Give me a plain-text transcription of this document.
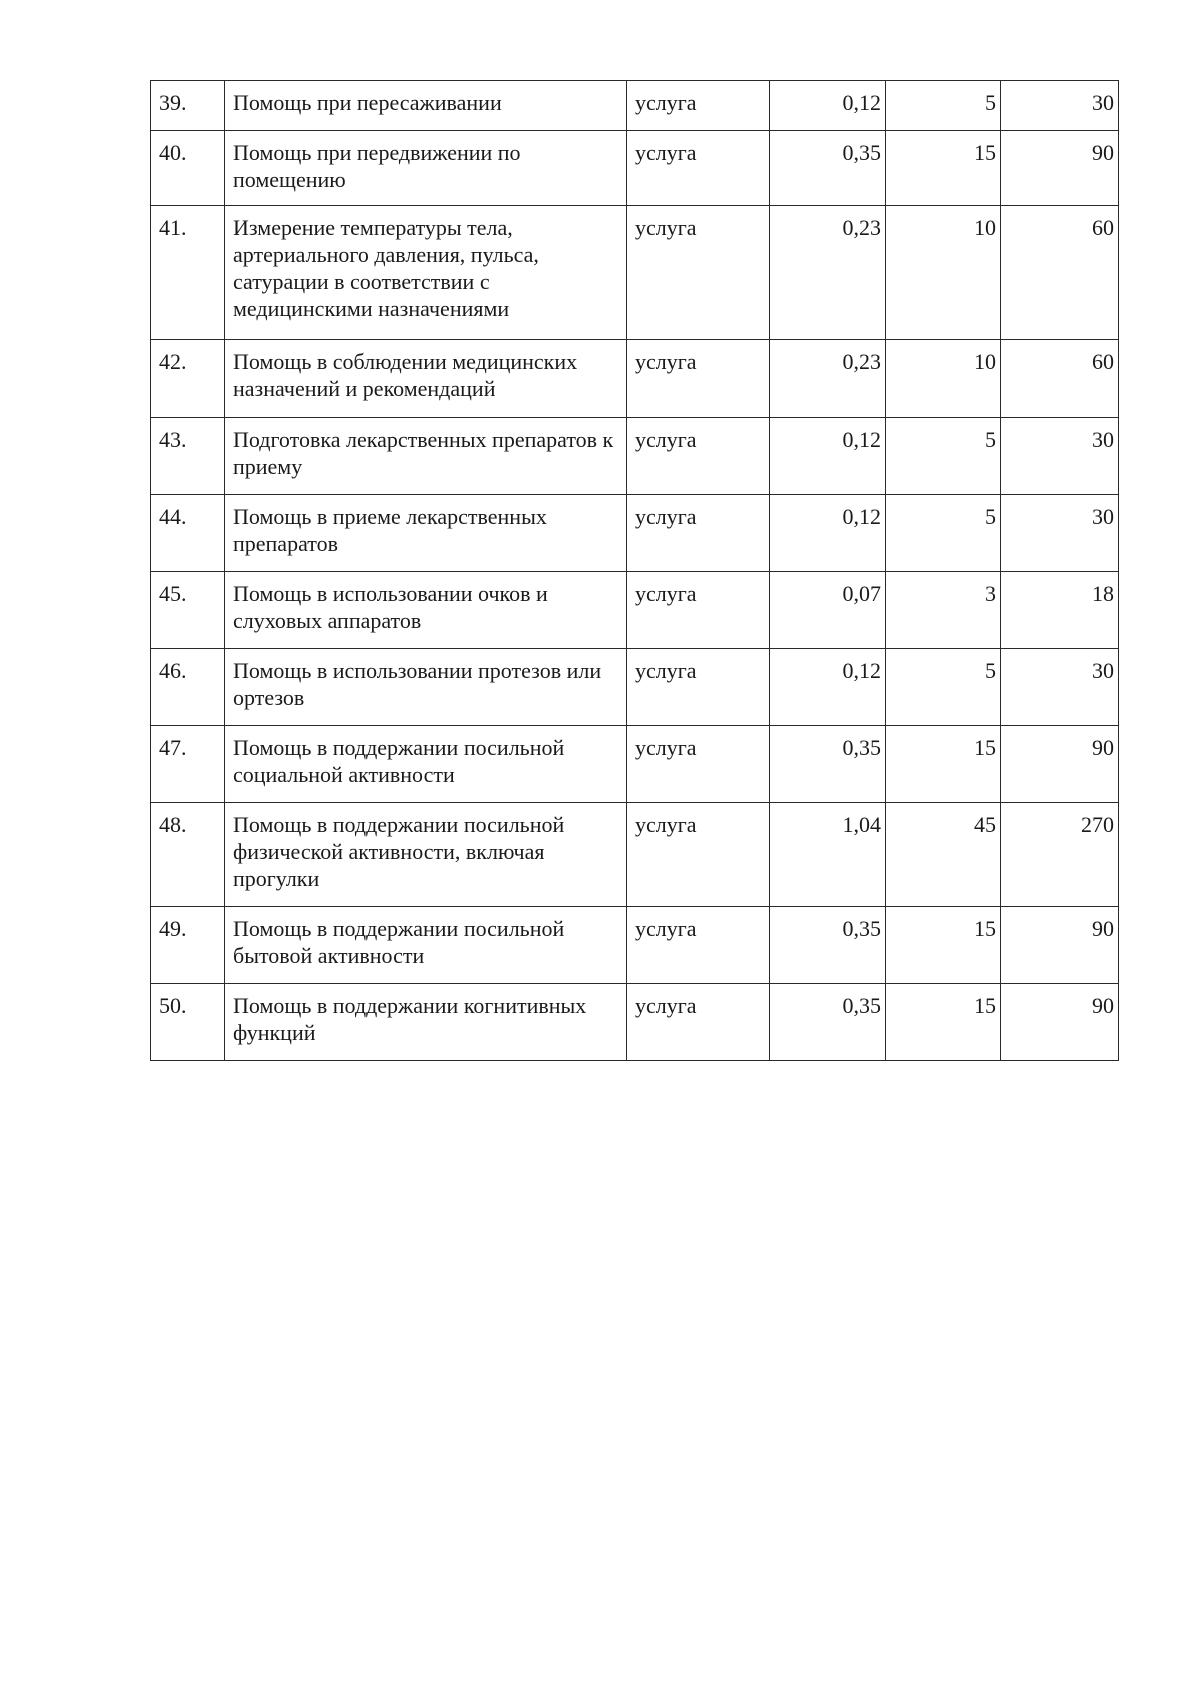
39.	Помощь при пересаживании	услуга	0,12	5	30
40.	Помощь при передвижении по помещению	услуга	0,35	15	90
41.	Измерение температуры тела, артериального давления, пульса, сатурации в соответствии с медицинскими назначениями	услуга	0,23	10	60
42.	Помощь в соблюдении медицинских назначений и рекомендаций	услуга	0,23	10	60
43.	Подготовка лекарственных препаратов к приему	услуга	0,12	5	30
44.	Помощь в приеме лекарственных препаратов	услуга	0,12	5	30
45.	Помощь в использовании очков и слуховых аппаратов	услуга	0,07	3	18
46.	Помощь в использовании протезов или ортезов	услуга	0,12	5	30
47.	Помощь в поддержании посильной социальной активности	услуга	0,35	15	90
48.	Помощь в поддержании посильной физической активности, включая прогулки	услуга	1,04	45	270
49.	Помощь в поддержании посильной бытовой активности	услуга	0,35	15	90
50.	Помощь в поддержании когнитивных функций	услуга	0,35	15	90
